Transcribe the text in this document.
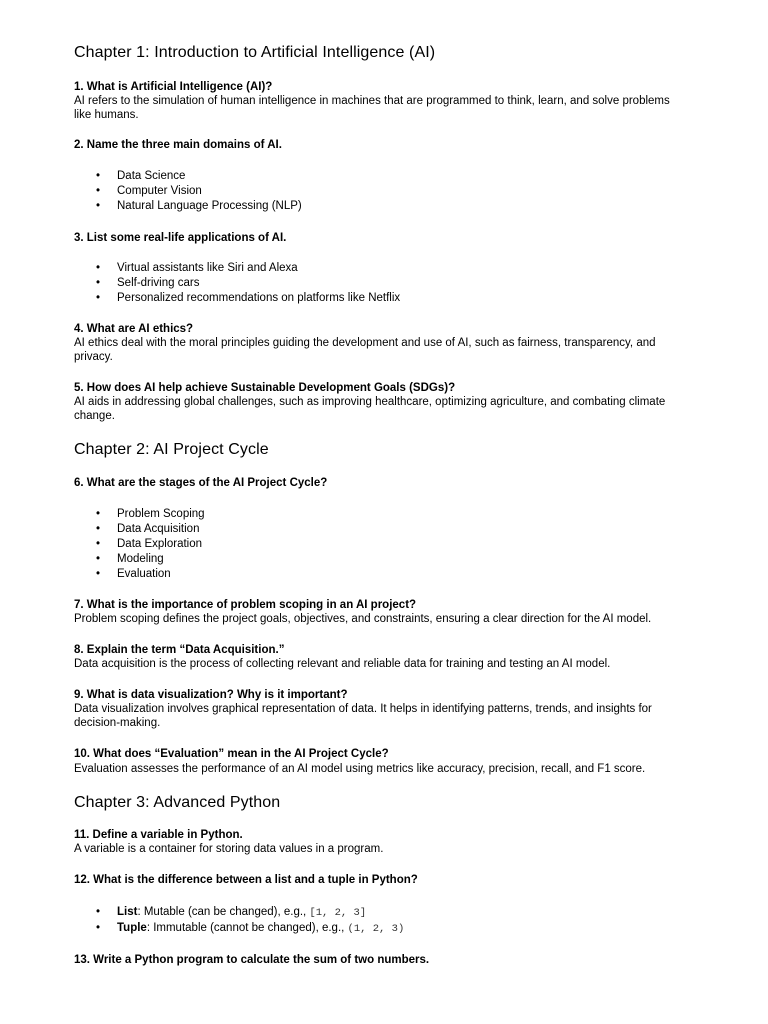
Chapter 1: Introduction to Artificial Intelligence (AI)

1. What is Artificial Intelligence (AI)?

AI refers to the simulation of human intelligence in machines that are programmed to think, learn, and solve problems like humans.

2. Name the three main domains of AI.

• Data Science
• Computer Vision
• Natural Language Processing (NLP)

3. List some real-life applications of AI.

• Virtual assistants like Siri and Alexa
• Self-driving cars
• Personalized recommendations on platforms like Netflix

4. What are AI ethics?

AI ethics deal with the moral principles guiding the development and use of AI, such as fairness, transparency, and privacy.

5. How does AI help achieve Sustainable Development Goals (SDGs)?

AI aids in addressing global challenges, such as improving healthcare, optimizing agriculture, and combating climate change.

Chapter 2: AI Project Cycle

6. What are the stages of the AI Project Cycle?

• Problem Scoping
• Data Acquisition
• Data Exploration
• Modeling
• Evaluation

7. What is the importance of problem scoping in an AI project?

Problem scoping defines the project goals, objectives, and constraints, ensuring a clear direction for the AI model.

8. Explain the term “Data Acquisition.”

Data acquisition is the process of collecting relevant and reliable data for training and testing an AI model.

9. What is data visualization? Why is it important?

Data visualization involves graphical representation of data. It helps in identifying patterns, trends, and insights for decision-making.

10. What does “Evaluation” mean in the AI Project Cycle?

Evaluation assesses the performance of an AI model using metrics like accuracy, precision, recall, and F1 score.

Chapter 3: Advanced Python

11. Define a variable in Python.

A variable is a container for storing data values in a program.

12. What is the difference between a list and a tuple in Python?

• List: Mutable (can be changed), e.g., [1, 2, 3]
• Tuple: Immutable (cannot be changed), e.g., (1, 2, 3)

13. Write a Python program to calculate the sum of two numbers.
